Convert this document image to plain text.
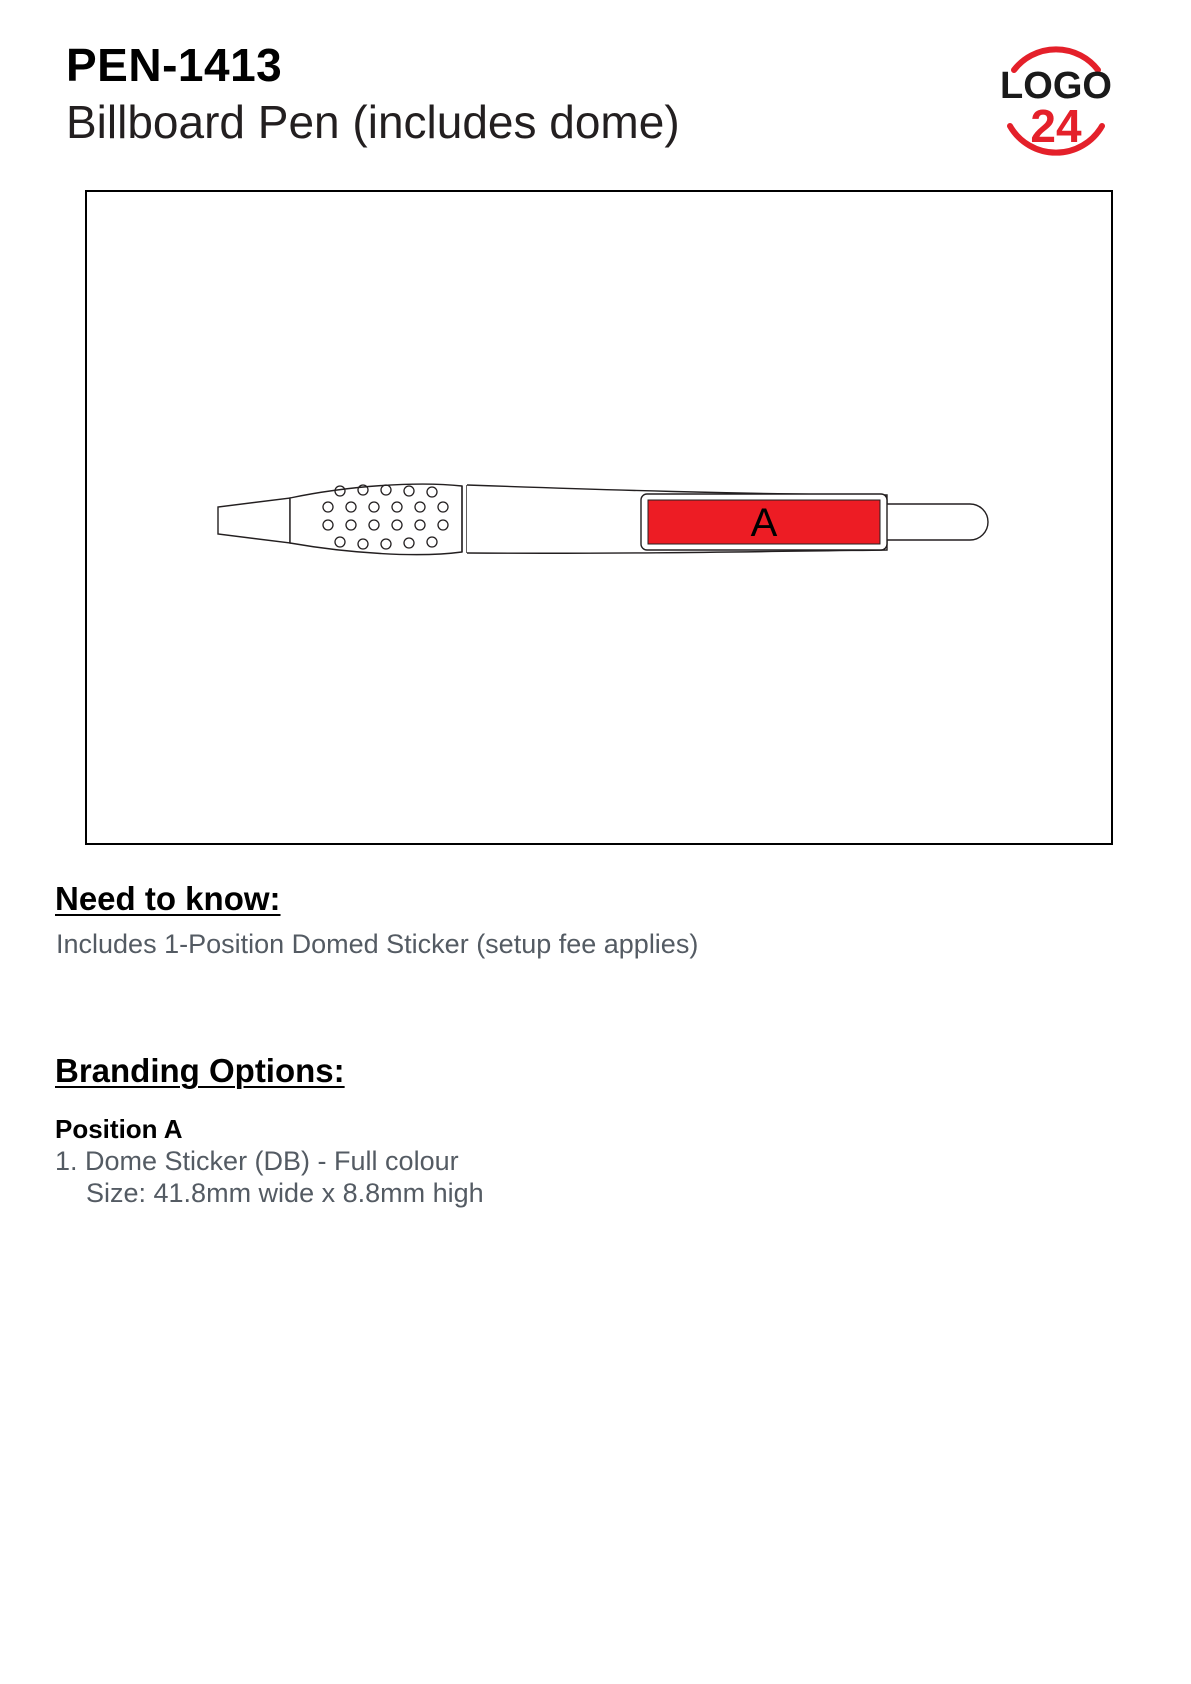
PEN-1413
Billboard Pen (includes dome)
LOGO
24
A
Need to know:
Includes 1-Position Domed Sticker (setup fee applies)
Branding Options:
Position A
1. Dome Sticker (DB) - Full colour
Size: 41.8mm wide x 8.8mm high
